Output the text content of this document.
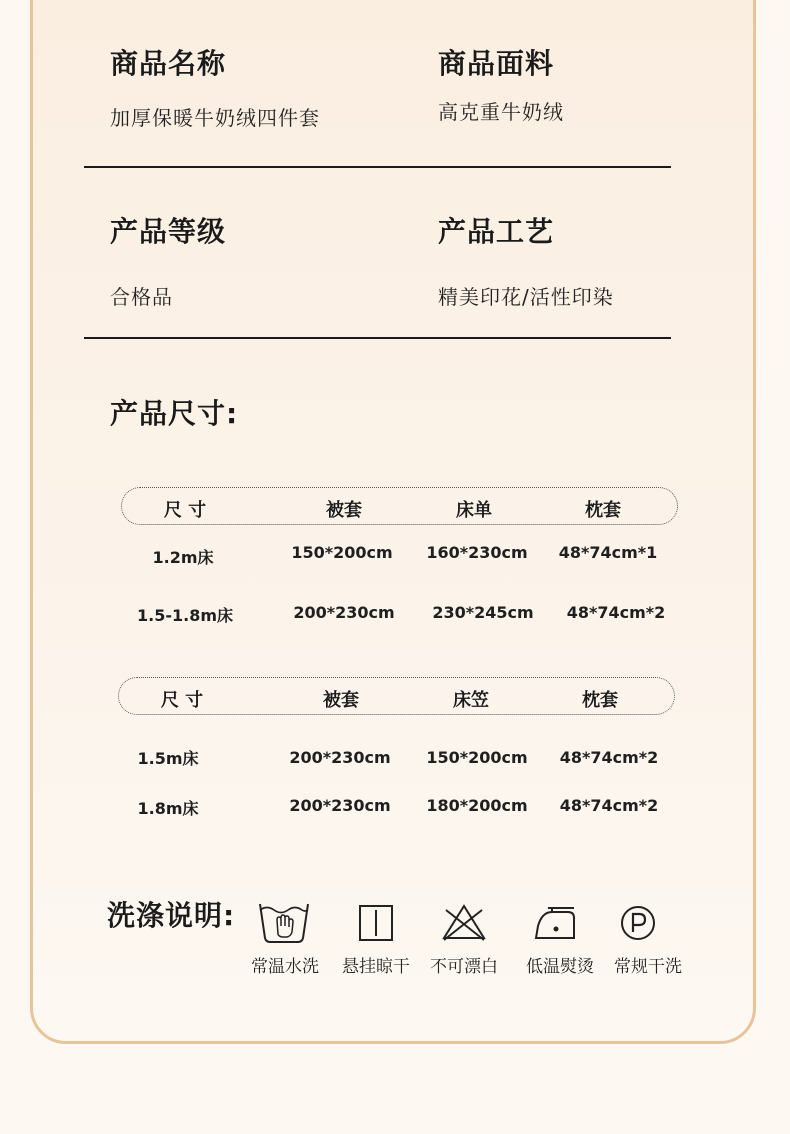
商品名称
加厚保暖牛奶绒四件套
商品面料
高克重牛奶绒
产品等级
合格品
产品工艺
精美印花/活性印染
产品尺寸:
尺 寸	被套	床单	枕套
1.2m床	150*200cm 160*230cm 48*74cm*1
1.5-1.8m床	200*230cm 230*245cm 48*74cm*2
尺 寸	被套	床笠	枕套
1.5m床	200*230cm 150*200cm 48*74cm*2
1.8m床	200*230cm 180*200cm 48*74cm*2
洗涤说明:
常温水洗 悬挂晾干 不可漂白 低温熨烫 常规干洗
